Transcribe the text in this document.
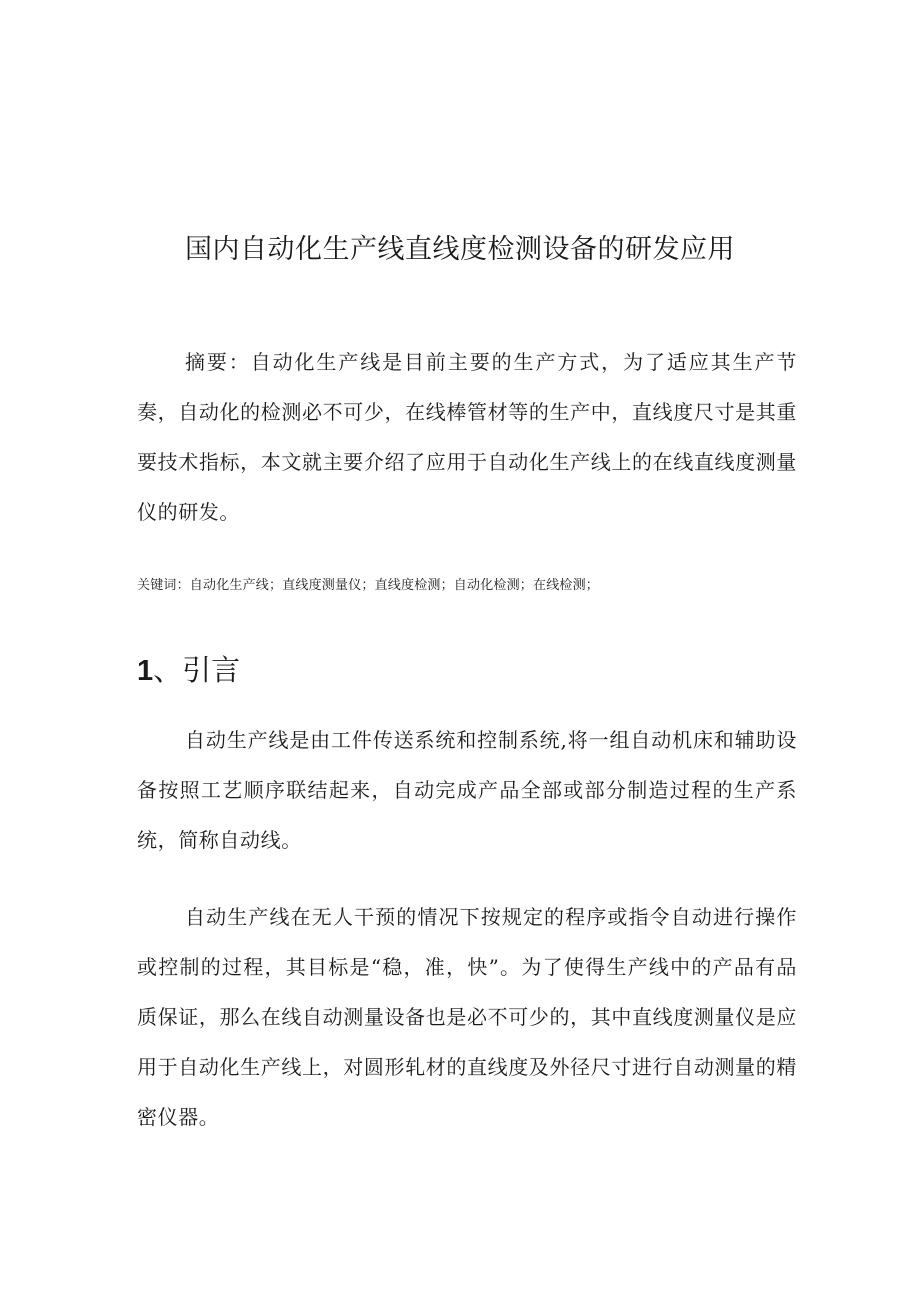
国内自动化生产线直线度检测设备的研发应用

摘要：自动化生产线是目前主要的生产方式，为了适应其生产节奏，自动化的检测必不可少，在线棒管材等的生产中，直线度尺寸是其重要技术指标，本文就主要介绍了应用于自动化生产线上的在线直线度测量仪的研发。

关键词：自动化生产线；直线度测量仪；直线度检测；自动化检测；在线检测；

1、引言

自动生产线是由工件传送系统和控制系统,将一组自动机床和辅助设备按照工艺顺序联结起来，自动完成产品全部或部分制造过程的生产系统，简称自动线。

自动生产线在无人干预的情况下按规定的程序或指令自动进行操作或控制的过程，其目标是“稳，准，快”。为了使得生产线中的产品有品质保证，那么在线自动测量设备也是必不可少的，其中直线度测量仪是应用于自动化生产线上，对圆形轧材的直线度及外径尺寸进行自动测量的精密仪器。
